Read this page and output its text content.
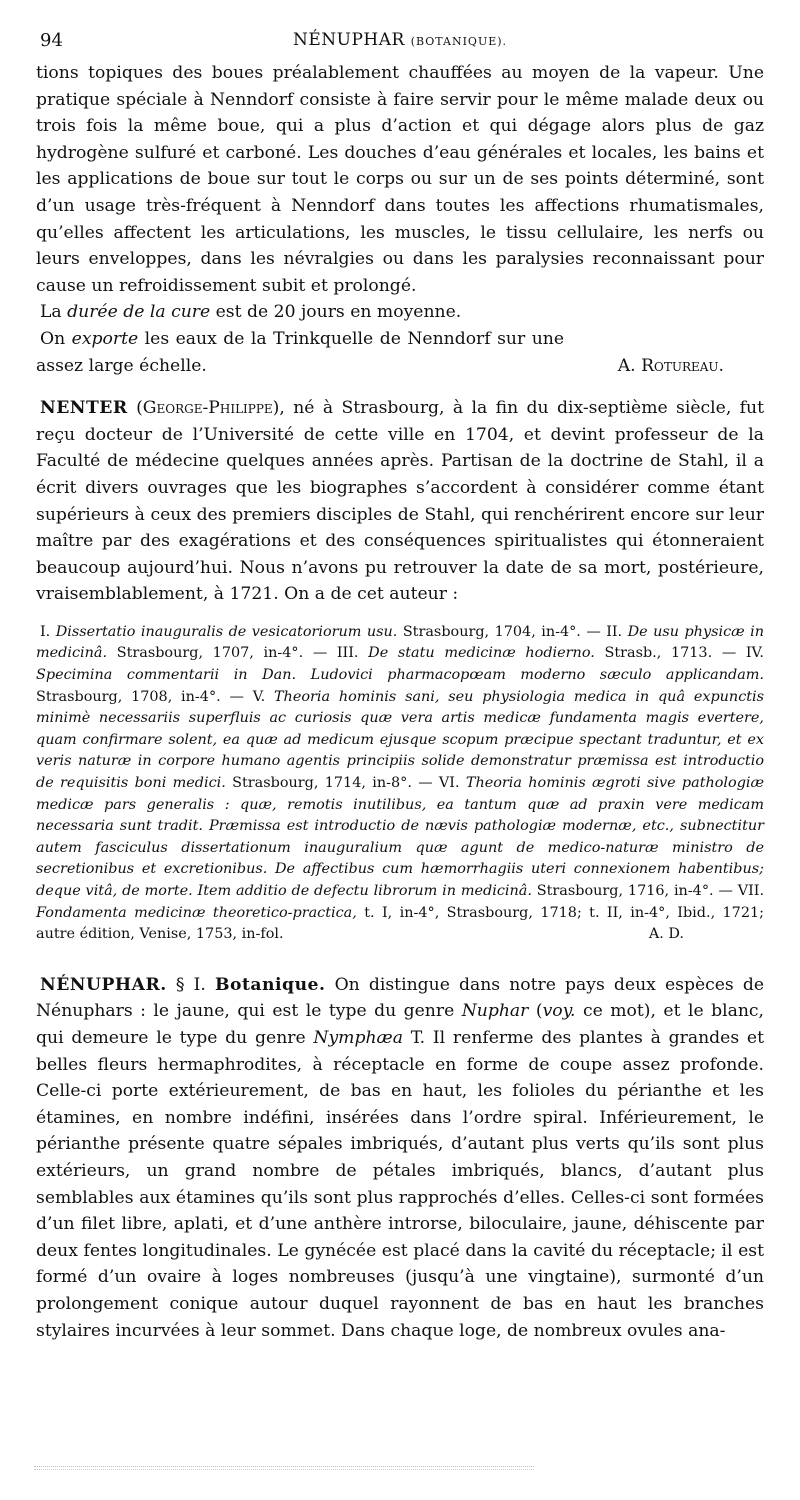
94	NÉNUPHAR (BOTANIQUE).

tions topiques des boues préalablement chauffées au moyen de la vapeur. Une pratique spéciale à Nenndorf consiste à faire servir pour le même malade deux ou trois fois la même boue, qui a plus d’action et qui dégage alors plus de gaz hydrogène sulfuré et carboné. Les douches d’eau générales et locales, les bains et les applications de boue sur tout le corps ou sur un de ses points déterminé, sont d’un usage très-fréquent à Nenndorf dans toutes les affections rhumatismales, qu’elles affectent les articulations, les muscles, le tissu cellulaire, les nerfs ou leurs enveloppes, dans les névralgies ou dans les paralysies reconnaissant pour cause un refroidissement subit et prolongé.

La durée de la cure est de 20 jours en moyenne.

On exporte les eaux de la Trinkquelle de Nenndorf sur une assez large échelle.	A. Rotureau.

NENTER (George-Philippe), né à Strasbourg, à la fin du dix-septième siècle, fut reçu docteur de l’Université de cette ville en 1704, et devint professeur de la Faculté de médecine quelques années après. Partisan de la doctrine de Stahl, il a écrit divers ouvrages que les biographes s’accordent à considérer comme étant supérieurs à ceux des premiers disciples de Stahl, qui renchérirent encore sur leur maître par des exagérations et des conséquences spiritualistes qui étonneraient beaucoup aujourd’hui. Nous n’avons pu retrouver la date de sa mort, postérieure, vraisemblablement, à 1721. On a de cet auteur :

I. Dissertatio inauguralis de vesicatoriorum usu. Strasbourg, 1704, in-4°. — II. De usu physicæ in medicinâ. Strasbourg, 1707, in-4°. — III. De statu medicinæ hodierno. Strasb., 1713. — IV. Specimina commentarii in Dan. Ludovici pharmacopœam moderno sæculo applicandam. Strasbourg, 1708, in-4°. — V. Theoria hominis sani, seu physiologia medica in quâ expunctis minimè necessariis superfluis ac curiosis quæ vera artis medicæ fundamenta magis evertere, quam confirmare solent, ea quæ ad medicum ejusque scopum præcipue spectant traduntur, et ex veris naturæ in corpore humano agentis principiis solide demonstratur præmissa est introductio de requisitis boni medici. Strasbourg, 1714, in-8°. — VI. Theoria hominis ægroti sive pathologiæ medicæ pars generalis : quæ, remotis inutilibus, ea tantum quæ ad praxin vere medicam necessaria sunt tradit. Præmissa est introductio de nævis pathologiæ modernæ, etc., subnectitur autem fasciculus dissertationum inauguralium quæ agunt de medico-naturæ ministro de secretionibus et excretionibus. De affectibus cum hæmorrhagiis uteri connexionem habentibus; deque vitâ, de morte. Item additio de defectu librorum in medicinâ. Strasbourg, 1716, in-4°. — VII. Fondamenta medicinæ theoretico-practica, t. I, in-4°, Strasbourg, 1718; t. II, in-4°, Ibid., 1721; autre édition, Venise, 1753, in-fol.	A. D.

NÉNUPHAR. § I. Botanique. On distingue dans notre pays deux espèces de Nénuphars : le jaune, qui est le type du genre Nuphar (voy. ce mot), et le blanc, qui demeure le type du genre Nymphæa T. Il renferme des plantes à grandes et belles fleurs hermaphrodites, à réceptacle en forme de coupe assez profonde. Celle-ci porte extérieurement, de bas en haut, les folioles du périanthe et les étamines, en nombre indéfini, insérées dans l’ordre spiral. Inférieurement, le périanthe présente quatre sépales imbriqués, d’autant plus verts qu’ils sont plus extérieurs, un grand nombre de pétales imbriqués, blancs, d’autant plus semblables aux étamines qu’ils sont plus rapprochés d’elles. Celles-ci sont formées d’un filet libre, aplati, et d’une anthère introrse, biloculaire, jaune, déhiscente par deux fentes longitudinales. Le gynécée est placé dans la cavité du réceptacle; il est formé d’un ovaire à loges nombreuses (jusqu’à une vingtaine), surmonté d’un prolongement conique autour duquel rayonnent de bas en haut les branches stylaires incurvées à leur sommet. Dans chaque loge, de nombreux ovules ana-
